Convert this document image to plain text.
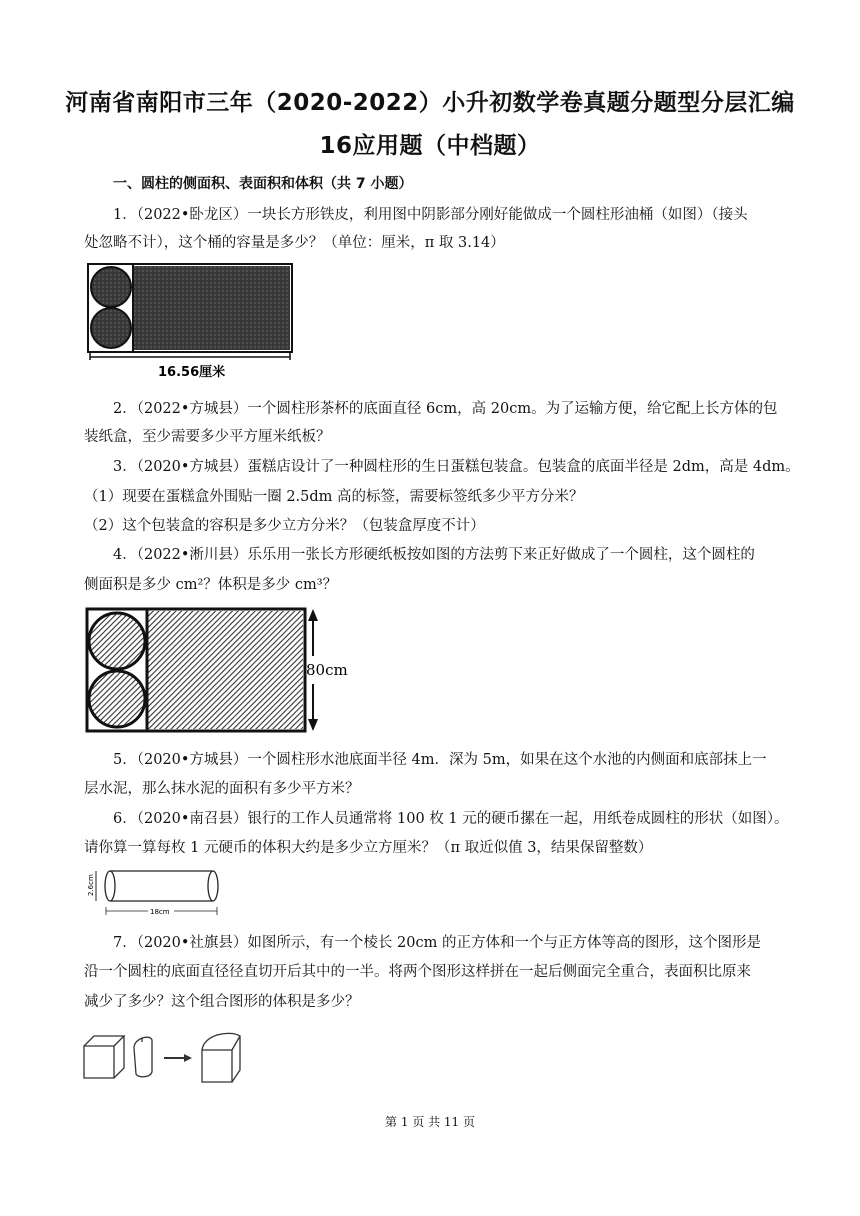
河南省南阳市三年（2020-2022）小升初数学卷真题分题型分层汇编
16应用题（中档题）
一、圆柱的侧面积、表面积和体积（共 7 小题）
1．（2022•卧龙区）一块长方形铁皮，利用图中阴影部分刚好能做成一个圆柱形油桶（如图）（接头
处忽略不计），这个桶的容量是多少？（单位：厘米，π 取 3.14）
16.56厘米
2．（2022•方城县）一个圆柱形茶杯的底面直径 6cm，高 20cm。为了运输方便，给它配上长方体的包
装纸盒，至少需要多少平方厘米纸板？
3．（2020•方城县）蛋糕店设计了一种圆柱形的生日蛋糕包装盒。包装盒的底面半径是 2dm，高是 4dm。
（1）现要在蛋糕盒外围贴一圈 2.5dm 高的标签，需要标签纸多少平方分米？
（2）这个包装盒的容积是多少立方分米？（包装盒厚度不计）
4．（2022•淅川县）乐乐用一张长方形硬纸板按如图的方法剪下来正好做成了一个圆柱，这个圆柱的
侧面积是多少 cm²？体积是多少 cm³？
80cm
5．（2020•方城县）一个圆柱形水池底面半径 4m．深为 5m，如果在这个水池的内侧面和底部抹上一
层水泥，那么抹水泥的面积有多少平方米？
6．（2020•南召县）银行的工作人员通常将 100 枚 1 元的硬币摞在一起，用纸卷成圆柱的形状（如图）。
请你算一算每枚 1 元硬币的体积大约是多少立方厘米？（π 取近似值 3，结果保留整数）
2.6cm
18cm
7．（2020•社旗县）如图所示，有一个棱长 20cm 的正方体和一个与正方体等高的图形，这个图形是
沿一个圆柱的底面直径径直切开后其中的一半。将两个图形这样拼在一起后侧面完全重合，表面积比原来
减少了多少？这个组合图形的体积是多少？
第 1 页 共 11 页
